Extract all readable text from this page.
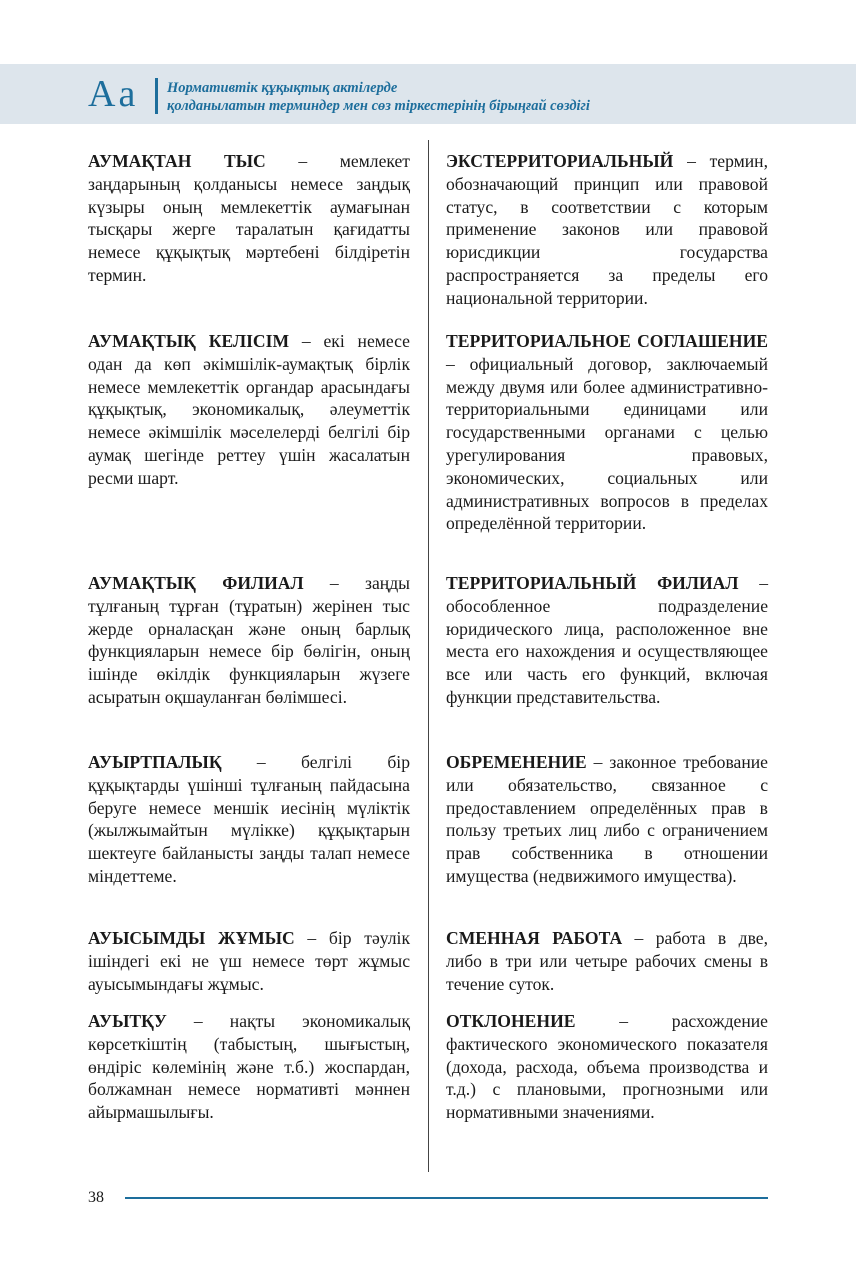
Aa Нормативтік құқықтық актілерде
қолданылатын терминдер мен сөз тіркестерінің бірыңғай сөздігі

АУМАҚТАН ТЫС – мемлекет заңдарының қолданысы немесе заңдық күзыры оның мемлекеттік аумағынан тысқары жерге таралатын қағидатты немесе құқықтық мәртебені білдіретін термин.

АУМАҚТЫҚ КЕЛІСІМ – екі немесе одан да көп әкімшілік-аумақтық бірлік немесе мемлекеттік органдар арасындағы құқықтық, экономикалық, әлеуметтік немесе әкімшілік мәселелерді белгілі бір аумақ шегінде реттеу үшін жасалатын ресми шарт.

АУМАҚТЫҚ ФИЛИАЛ – заңды тұлғаның тұрған (тұратын) жерінен тыс жерде орналасқан және оның барлық функцияларын немесе бір бөлігін, оның ішінде өкілдік функцияларын жүзеге асыратын оқшауланған бөлімшесі.

АУЫРТПАЛЫҚ – белгілі бір құқықтарды үшінші тұлғаның пайдасына беруге немесе меншік иесінің мүліктік (жылжымайтын мүлікке) құқықтарын шектеуге байланысты заңды талап немесе міндеттеме.

АУЫСЫМДЫ ЖҰМЫС – бір тәулік ішіндегі екі не үш немесе төрт жұмыс ауысымындағы жұмыс.

АУЫТҚУ – нақты экономикалық көрсеткіштің (табыстың, шығыстың, өндіріс көлемінің және т.б.) жоспардан, болжамнан немесе нормативті мәннен айырмашылығы.

ЭКСТЕРРИТОРИАЛЬНЫЙ – термин, обозначающий принцип или правовой статус, в соответствии с которым применение законов или правовой юрисдикции государства распространяется за пределы его национальной территории.

ТЕРРИТОРИАЛЬНОЕ СОГЛАШЕНИЕ – официальный договор, заключаемый между двумя или более административно-территориальными единицами или государственными органами с целью урегулирования правовых, экономических, социальных или административных вопросов в пределах определённой территории.

ТЕРРИТОРИАЛЬНЫЙ ФИЛИАЛ – обособленное подразделение юридического лица, расположенное вне места его нахождения и осуществляющее все или часть его функций, включая функции представительства.

ОБРЕМЕНЕНИЕ – законное требование или обязательство, связанное с предоставлением определённых прав в пользу третьих лиц либо с ограничением прав собственника в отношении имущества (недвижимого имущества).

СМЕННАЯ РАБОТА – работа в две, либо в три или четыре рабочих смены в течение суток.

ОТКЛОНЕНИЕ – расхождение фактического экономического показателя (дохода, расхода, объема производства и т.д.) с плановыми, прогнозными или нормативными значениями.

38
